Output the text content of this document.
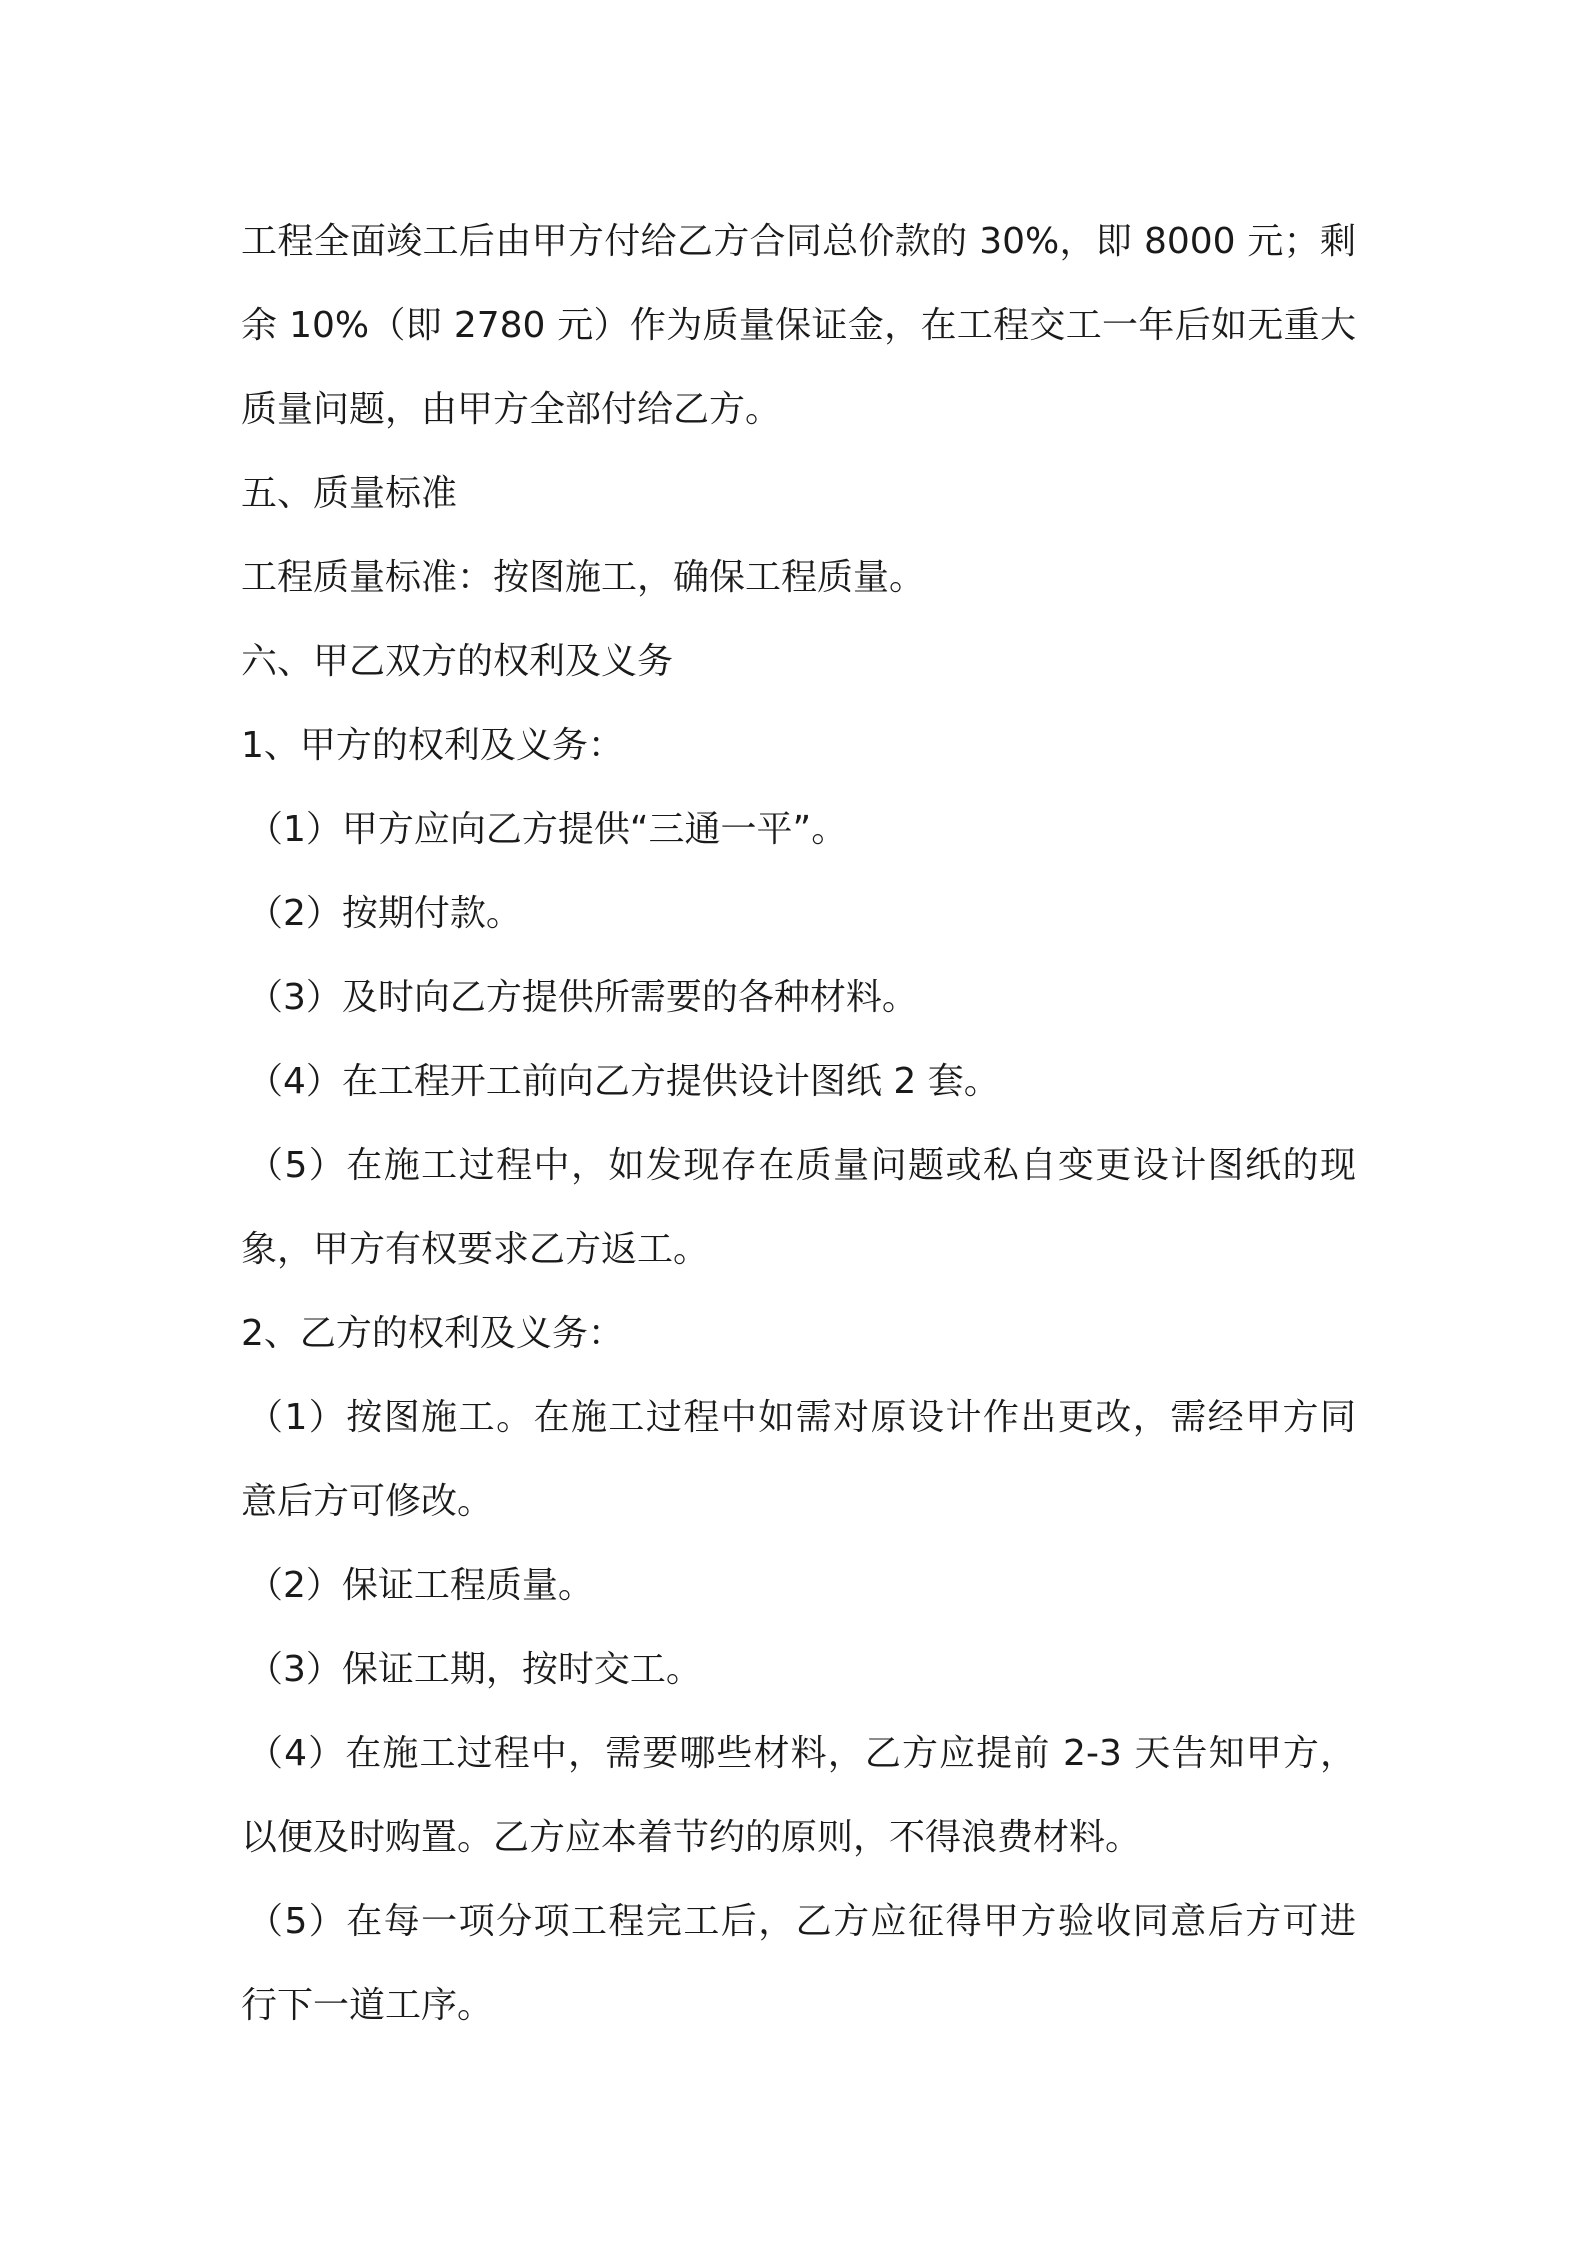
工程全面竣工后由甲方付给乙方合同总价款的 30%，即 8000 元；剩
余 10%（即 2780 元）作为质量保证金，在工程交工一年后如无重大
质量问题，由甲方全部付给乙方。
五、质量标准
工程质量标准：按图施工，确保工程质量。
六、甲乙双方的权利及义务
1、甲方的权利及义务：
（1）甲方应向乙方提供“三通一平”。
（2）按期付款。
（3）及时向乙方提供所需要的各种材料。
（4）在工程开工前向乙方提供设计图纸 2 套。
（5）在施工过程中，如发现存在质量问题或私自变更设计图纸的现
象，甲方有权要求乙方返工。
2、乙方的权利及义务：
（1）按图施工。在施工过程中如需对原设计作出更改，需经甲方同
意后方可修改。
（2）保证工程质量。
（3）保证工期，按时交工。
（4）在施工过程中，需要哪些材料，乙方应提前 2-3 天告知甲方，
以便及时购置。乙方应本着节约的原则，不得浪费材料。
（5）在每一项分项工程完工后，乙方应征得甲方验收同意后方可进
行下一道工序。
